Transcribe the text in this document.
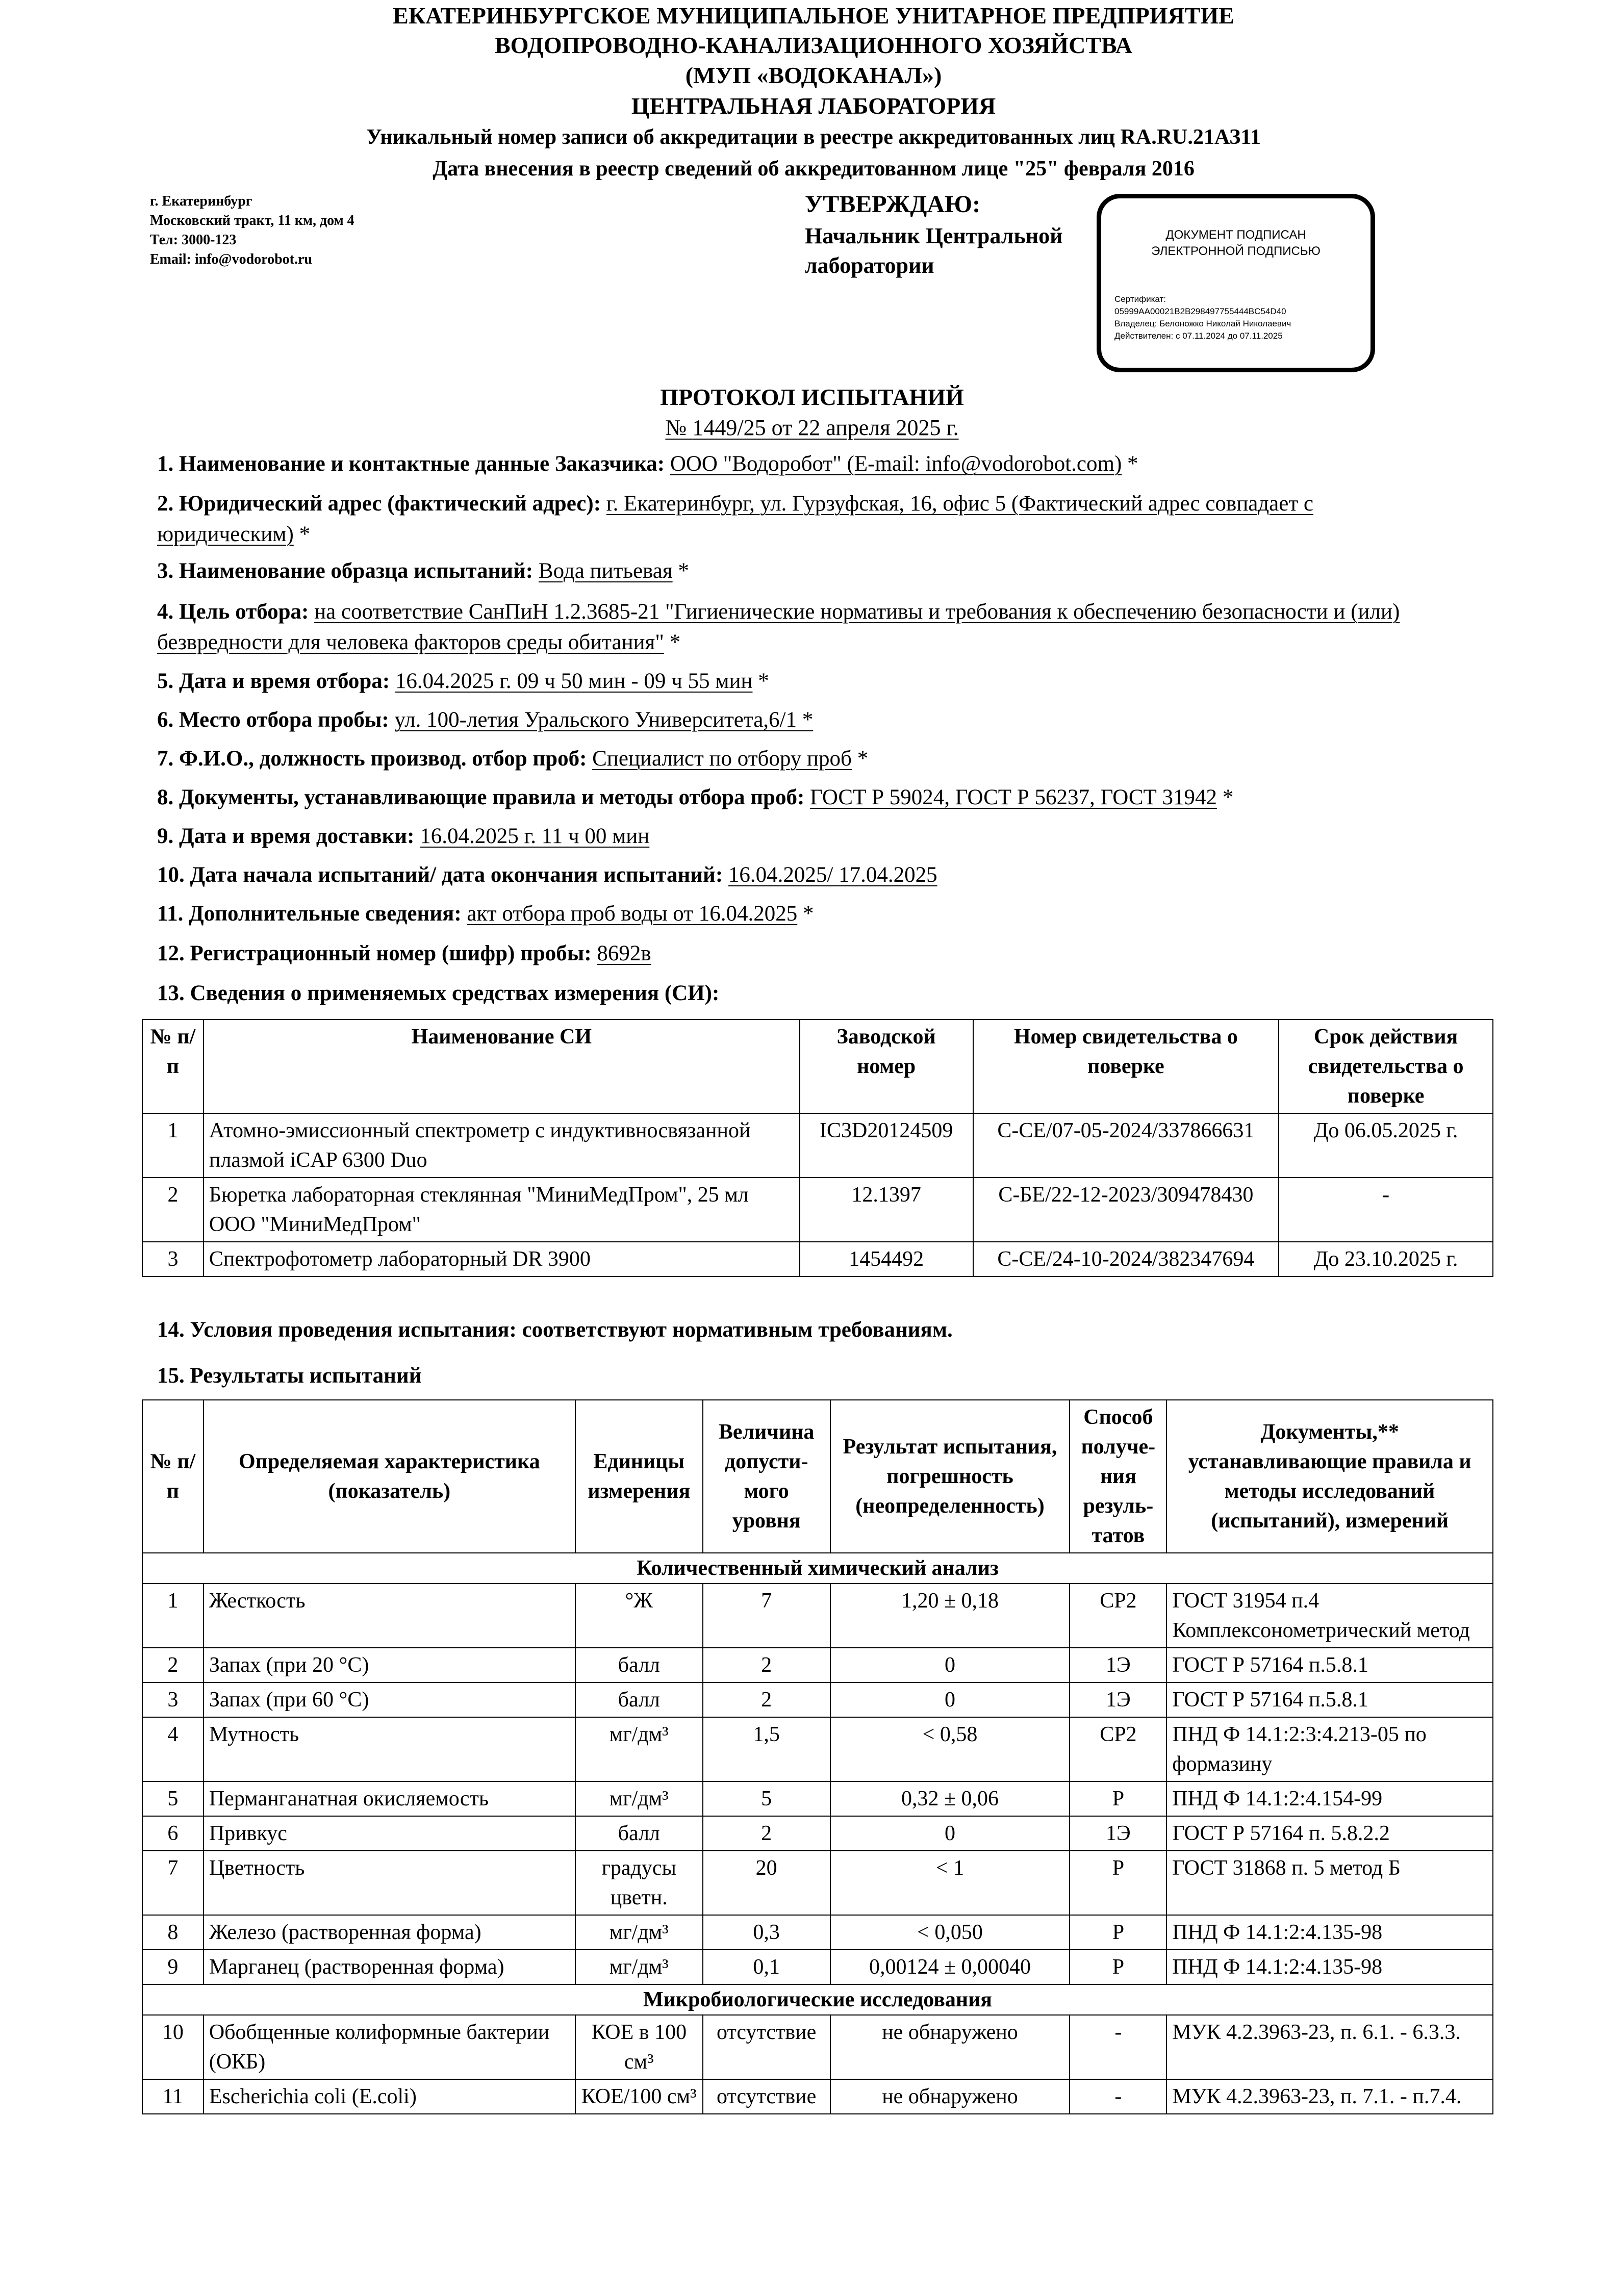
ЕКАТЕРИНБУРГСКОЕ МУНИЦИПАЛЬНОЕ УНИТАРНОЕ ПРЕДПРИЯТИЕ
ВОДОПРОВОДНО-КАНАЛИЗАЦИОННОГО ХОЗЯЙСТВА
(МУП «ВОДОКАНАЛ»)
ЦЕНТРАЛЬНАЯ ЛАБОРАТОРИЯ
Уникальный номер записи об аккредитации в реестре аккредитованных лиц RA.RU.21АЗ11
Дата внесения в реестр сведений об аккредитованном лице "25" февраля 2016
г. Екатеринбург
Московский тракт, 11 км, дом 4
Тел: 3000-123
Email: info@vodorobot.ru
УТВЕРЖДАЮ:
Начальник Центральной
лаборатории
ДОКУМЕНТ ПОДПИСАН
ЭЛЕКТРОННОЙ ПОДПИСЬЮ
Сертификат:
05999AA00021B2B298497755444BC54D40
Владелец: Белоножко Николай Николаевич
Действителен: с 07.11.2024 до 07.11.2025
ПРОТОКОЛ ИСПЫТАНИЙ
№ 1449/25 от 22 апреля 2025 г.
1. Наименование и контактные данные Заказчика: ООО "Водоробот" (E-mail: info@vodorobot.com) *
2. Юридический адрес (фактический адрес): г. Екатеринбург, ул. Гурзуфская, 16, офис 5 (Фактический адрес совпадает с юридическим) *
3. Наименование образца испытаний: Вода питьевая *
4. Цель отбора: на соответствие СанПиН 1.2.3685-21 "Гигиенические нормативы и требования к обеспечению безопасности и (или) безвредности для человека факторов среды обитания" *
5. Дата и время отбора: 16.04.2025 г. 09 ч 50 мин - 09 ч 55 мин *
6. Место отбора пробы: ул. 100-летия Уральского Университета,6/1 *
7. Ф.И.О., должность производ. отбор проб: Специалист по отбору проб *
8. Документы, устанавливающие правила и методы отбора проб: ГОСТ Р 59024, ГОСТ Р 56237, ГОСТ 31942 *
9. Дата и время доставки: 16.04.2025 г. 11 ч 00 мин
10. Дата начала испытаний/ дата окончания испытаний: 16.04.2025/ 17.04.2025
11. Дополнительные сведения: акт отбора проб воды от 16.04.2025 *
12. Регистрационный номер (шифр) пробы: 8692в
13. Сведения о применяемых средствах измерения (СИ):
№ п/п	Наименование СИ	Заводской номер	Номер свидетельства о поверке	Срок действия свидетельства о поверке
1	Атомно-эмиссионный спектрометр с индуктивносвязанной плазмой iCAP 6300 Duo	IC3D20124509	С-СЕ/07-05-2024/337866631	До 06.05.2025 г.
2	Бюретка лабораторная стеклянная "МиниМедПром", 25 мл ООО "МиниМедПром"	12.1397	С-БЕ/22-12-2023/309478430	-
3	Спектрофотометр лабораторный DR 3900	1454492	С-СЕ/24-10-2024/382347694	До 23.10.2025 г.
14. Условия проведения испытания: соответствуют нормативным требованиям.
15. Результаты испытаний
№ п/п	Определяемая характеристика (показатель)	Единицы измерения	Величина допусти-мого уровня	Результат испытания, погрешность (неопределенность)	Способ получе-ния резуль-татов	Документы,** устанавливающие правила и методы исследований (испытаний), измерений
Количественный химический анализ						
1	Жесткость	°Ж	7	1,20 ± 0,18	СР2	ГОСТ 31954 п.4 Комплексонометрический метод
2	Запах (при 20 °С)	балл	2	0	1Э	ГОСТ Р 57164 п.5.8.1
3	Запах (при 60 °С)	балл	2	0	1Э	ГОСТ Р 57164 п.5.8.1
4	Мутность	мг/дм³	1,5	< 0,58	СР2	ПНД Ф 14.1:2:3:4.213-05 по формазину
5	Перманганатная окисляемость	мг/дм³	5	0,32 ± 0,06	Р	ПНД Ф 14.1:2:4.154-99
6	Привкус	балл	2	0	1Э	ГОСТ Р 57164 п. 5.8.2.2
7	Цветность	градусы цветн.	20	< 1	Р	ГОСТ 31868 п. 5 метод Б
8	Железо (растворенная форма)	мг/дм³	0,3	< 0,050	Р	ПНД Ф 14.1:2:4.135-98
9	Марганец (растворенная форма)	мг/дм³	0,1	0,00124 ± 0,00040	Р	ПНД Ф 14.1:2:4.135-98
Микробиологические исследования						
10	Обобщенные колиформные бактерии (ОКБ)	КОЕ в 100 см³	отсутствие	не обнаружено	-	МУК 4.2.3963-23, п. 6.1. - 6.3.3.
11	Escherichia coli (E.coli)	КОЕ/100 см³	отсутствие	не обнаружено	-	МУК 4.2.3963-23, п. 7.1. - п.7.4.
